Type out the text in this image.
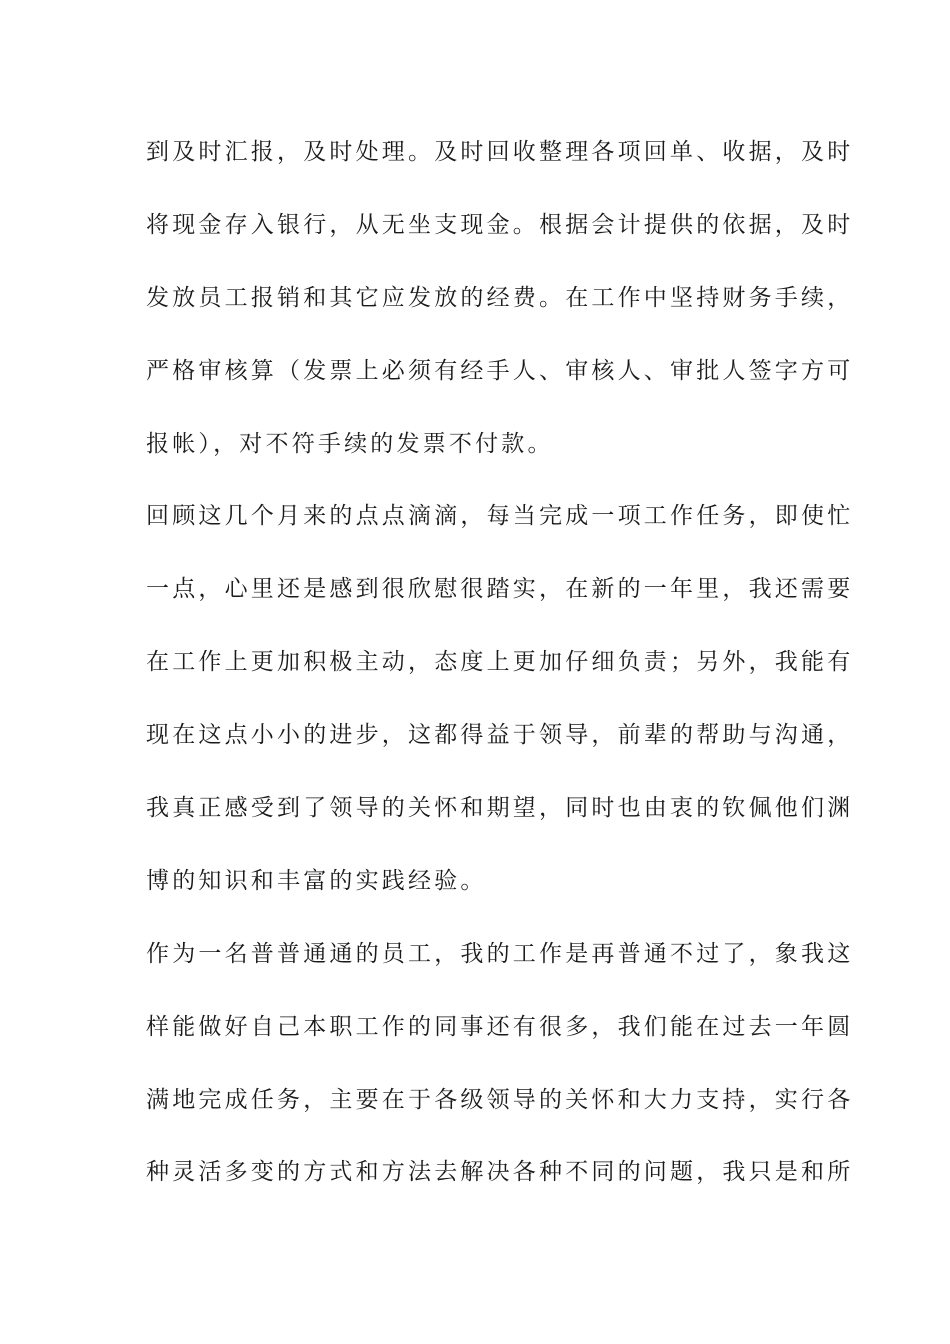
到及时汇报，及时处理。及时回收整理各项回单、收据，及时
将现金存入银行，从无坐支现金。根据会计提供的依据，及时
发放员工报销和其它应发放的经费。在工作中坚持财务手续，
严格审核算（发票上必须有经手人、审核人、审批人签字方可
报帐），对不符手续的发票不付款。
回顾这几个月来的点点滴滴，每当完成一项工作任务，即使忙
一点，心里还是感到很欣慰很踏实，在新的一年里，我还需要
在工作上更加积极主动，态度上更加仔细负责；另外，我能有
现在这点小小的进步，这都得益于领导，前辈的帮助与沟通，
我真正感受到了领导的关怀和期望，同时也由衷的钦佩他们渊
博的知识和丰富的实践经验。
作为一名普普通通的员工，我的工作是再普通不过了，象我这
样能做好自己本职工作的同事还有很多，我们能在过去一年圆
满地完成任务，主要在于各级领导的关怀和大力支持，实行各
种灵活多变的方式和方法去解决各种不同的问题，我只是和所
